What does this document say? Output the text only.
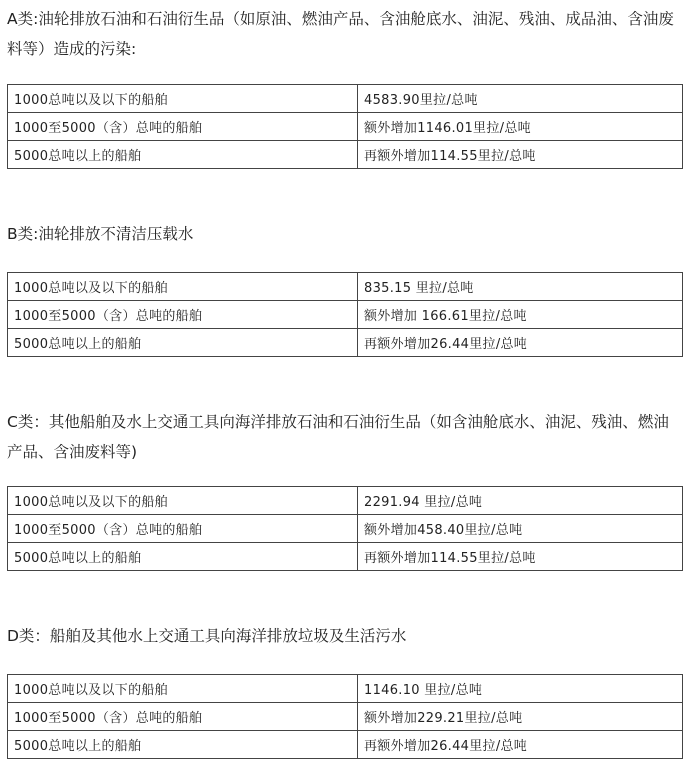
A类:油轮排放石油和石油衍生品（如原油、燃油产品、含油舱底水、油泥、残油、成品油、含油废料等）造成的污染:

1000总吨以及以下的船舶	4583.90里拉/总吨
1000至5000（含）总吨的船舶	额外增加1146.01里拉/总吨
5000总吨以上的船舶	再额外增加114.55里拉/总吨

B类:油轮排放不清洁压载水

1000总吨以及以下的船舶	835.15 里拉/总吨
1000至5000（含）总吨的船舶	额外增加 166.61里拉/总吨
5000总吨以上的船舶	再额外增加26.44里拉/总吨

C类：其他船舶及水上交通工具向海洋排放石油和石油衍生品（如含油舱底水、油泥、残油、燃油产品、含油废料等)

1000总吨以及以下的船舶	2291.94 里拉/总吨
1000至5000（含）总吨的船舶	额外增加458.40里拉/总吨
5000总吨以上的船舶	再额外增加114.55里拉/总吨

D类：船舶及其他水上交通工具向海洋排放垃圾及生活污水

1000总吨以及以下的船舶	1146.10 里拉/总吨
1000至5000（含）总吨的船舶	额外增加229.21里拉/总吨
5000总吨以上的船舶	再额外增加26.44里拉/总吨
